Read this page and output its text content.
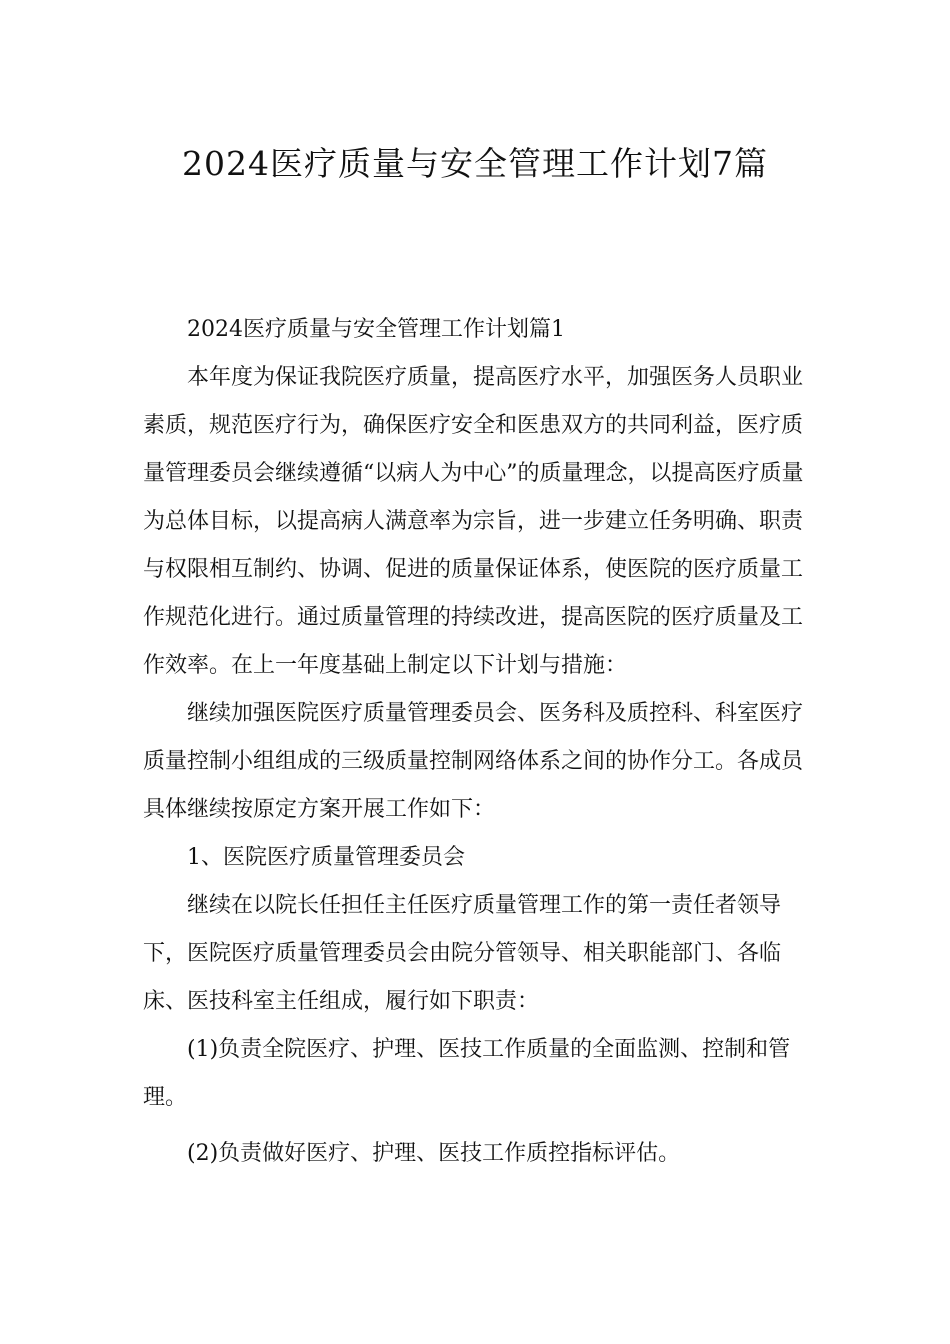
2024医疗质量与安全管理工作计划7篇

2024医疗质量与安全管理工作计划篇1

本年度为保证我院医疗质量，提高医疗水平，加强医务人员职业素质，规范医疗行为，确保医疗安全和医患双方的共同利益，医疗质量管理委员会继续遵循“以病人为中心”的质量理念，以提高医疗质量为总体目标，以提高病人满意率为宗旨，进一步建立任务明确、职责与权限相互制约、协调、促进的质量保证体系，使医院的医疗质量工作规范化进行。通过质量管理的持续改进，提高医院的医疗质量及工作效率。在上一年度基础上制定以下计划与措施：

继续加强医院医疗质量管理委员会、医务科及质控科、科室医疗质量控制小组组成的三级质量控制网络体系之间的协作分工。各成员具体继续按原定方案开展工作如下：

1、医院医疗质量管理委员会

继续在以院长任担任主任医疗质量管理工作的第一责任者领导下，医院医疗质量管理委员会由院分管领导、相关职能部门、各临床、医技科室主任组成，履行如下职责：

(1)负责全院医疗、护理、医技工作质量的全面监测、控制和管理。

(2)负责做好医疗、护理、医技工作质控指标评估。
